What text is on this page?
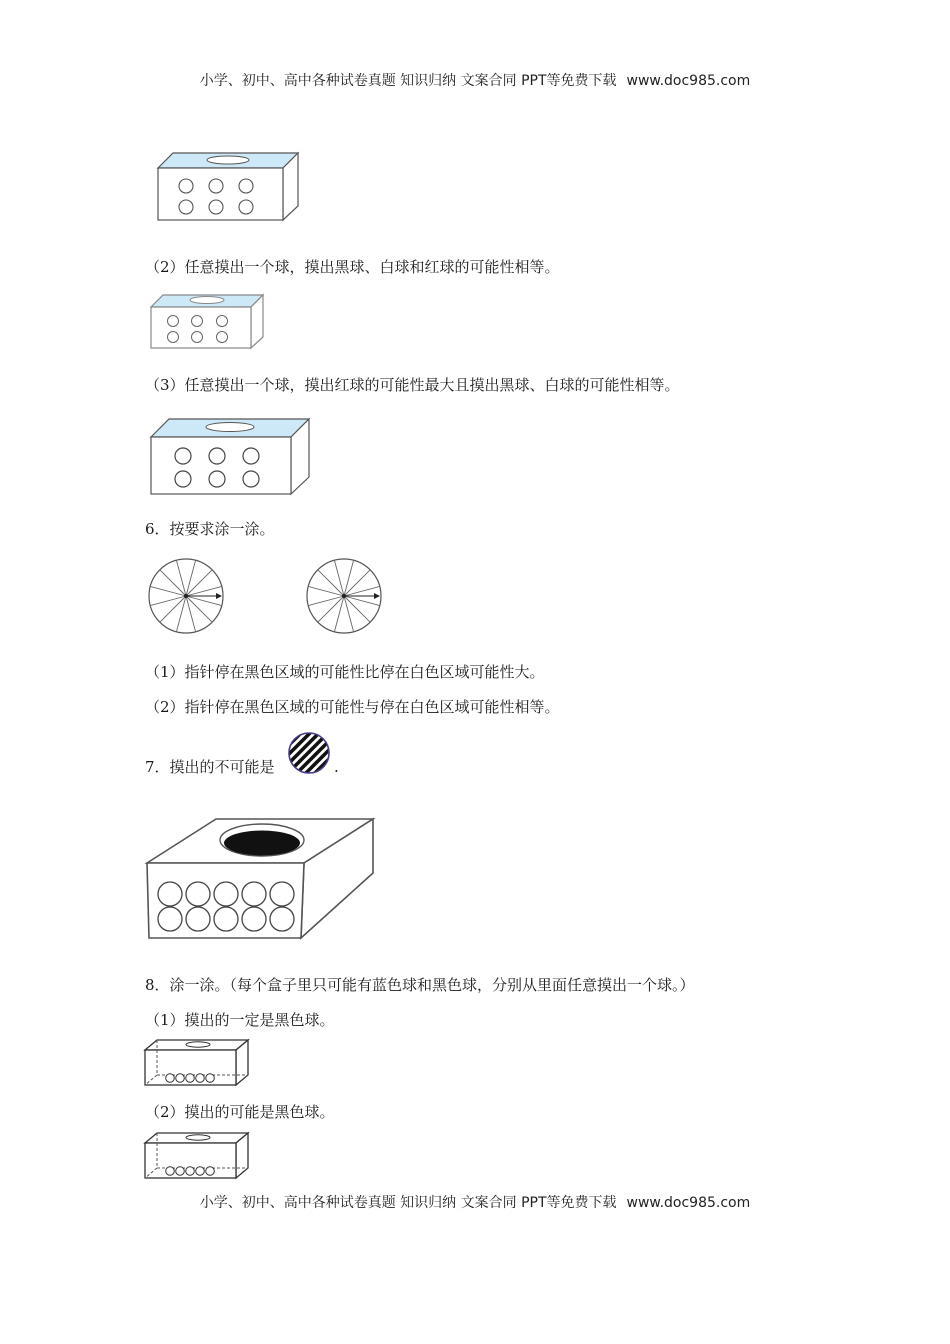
小学、初中、高中各种试卷真题 知识归纳 文案合同 PPT等免费下载 www.doc985.com
（2）任意摸出一个球，摸出黑球、白球和红球的可能性相等。
（3）任意摸出一个球，摸出红球的可能性最大且摸出黑球、白球的可能性相等。
6．按要求涂一涂。
（1）指针停在黑色区域的可能性比停在白色区域可能性大。
（2）指针停在黑色区域的可能性与停在白色区域可能性相等。
7．摸出的不可能是	.
8．涂一涂。（每个盒子里只可能有蓝色球和黑色球，分别从里面任意摸出一个球。）
（1）摸出的一定是黑色球。
（2）摸出的可能是黑色球。
小学、初中、高中各种试卷真题 知识归纳 文案合同 PPT等免费下载 www.doc985.com
